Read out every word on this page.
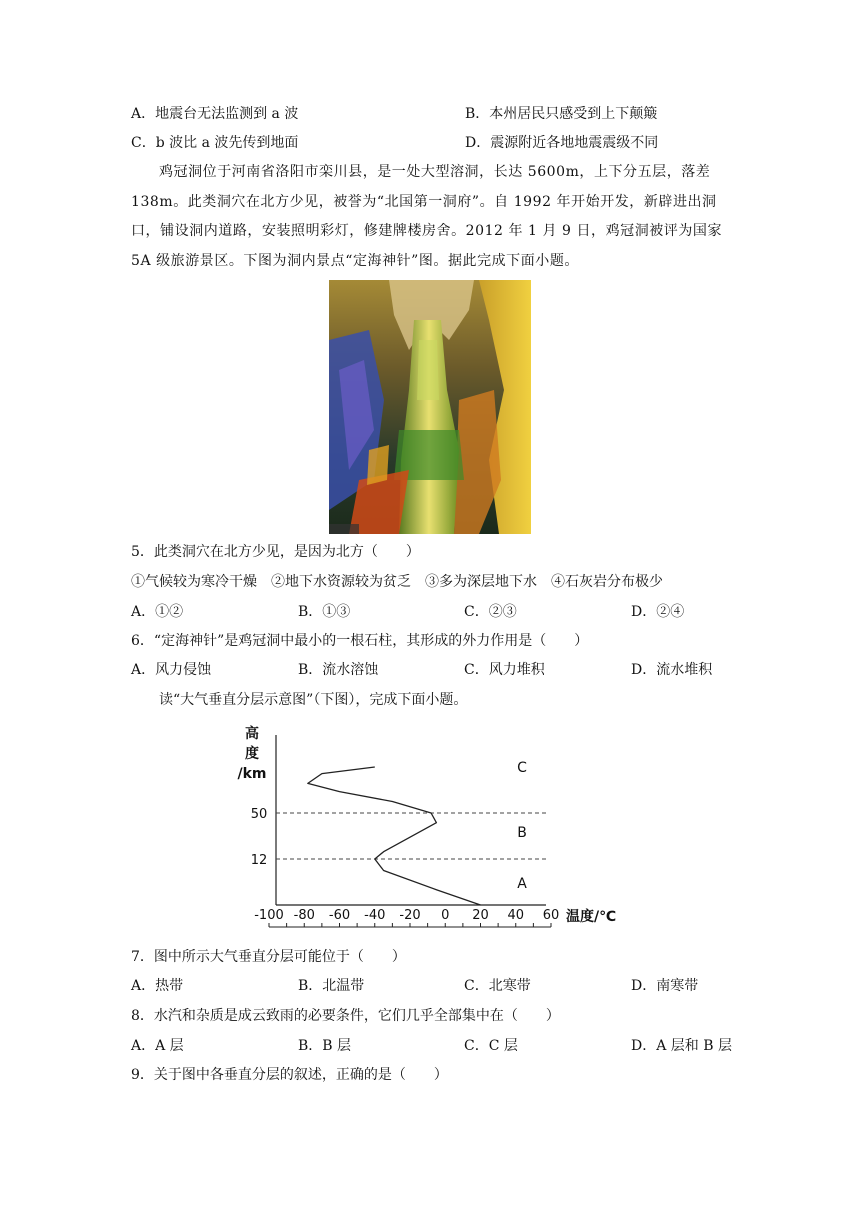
A．地震台无法监测到 a 波	B．本州居民只感受到上下颠簸
C．b 波比 a 波先传到地面	D．震源附近各地地震震级不同
鸡冠洞位于河南省洛阳市栾川县，是一处大型溶洞，长达 5600m，上下分五层，落差 138m。此类洞穴在北方少见，被誉为“北国第一洞府”。自 1992 年开始开发，新辟进出洞口，铺设洞内道路，安装照明彩灯，修建牌楼房舍。2012 年 1 月 9 日，鸡冠洞被评为国家 5A 级旅游景区。下图为洞内景点“定海神针”图。据此完成下面小题。
5．此类洞穴在北方少见，是因为北方（　　）
①气候较为寒冷干燥　②地下水资源较为贫乏　③多为深层地下水　④石灰岩分布极少
A．①②	B．①③	C．②③	D．②④
6．“定海神针”是鸡冠洞中最小的一根石柱，其形成的外力作用是（　　）
A．风力侵蚀	B．流水溶蚀	C．风力堆积	D．流水堆积
读“大气垂直分层示意图”（下图），完成下面小题。
高
度
/km
12
50
A
B
C
-100 -80 -60 -40 -20 0 20 40 60 温度/℃
7．图中所示大气垂直分层可能位于（　　）
A．热带	B．北温带	C．北寒带	D．南寒带
8．水汽和杂质是成云致雨的必要条件，它们几乎全部集中在（　　）
A．A 层	B．B 层	C．C 层	D．A 层和 B 层
9．关于图中各垂直分层的叙述，正确的是（　　）
